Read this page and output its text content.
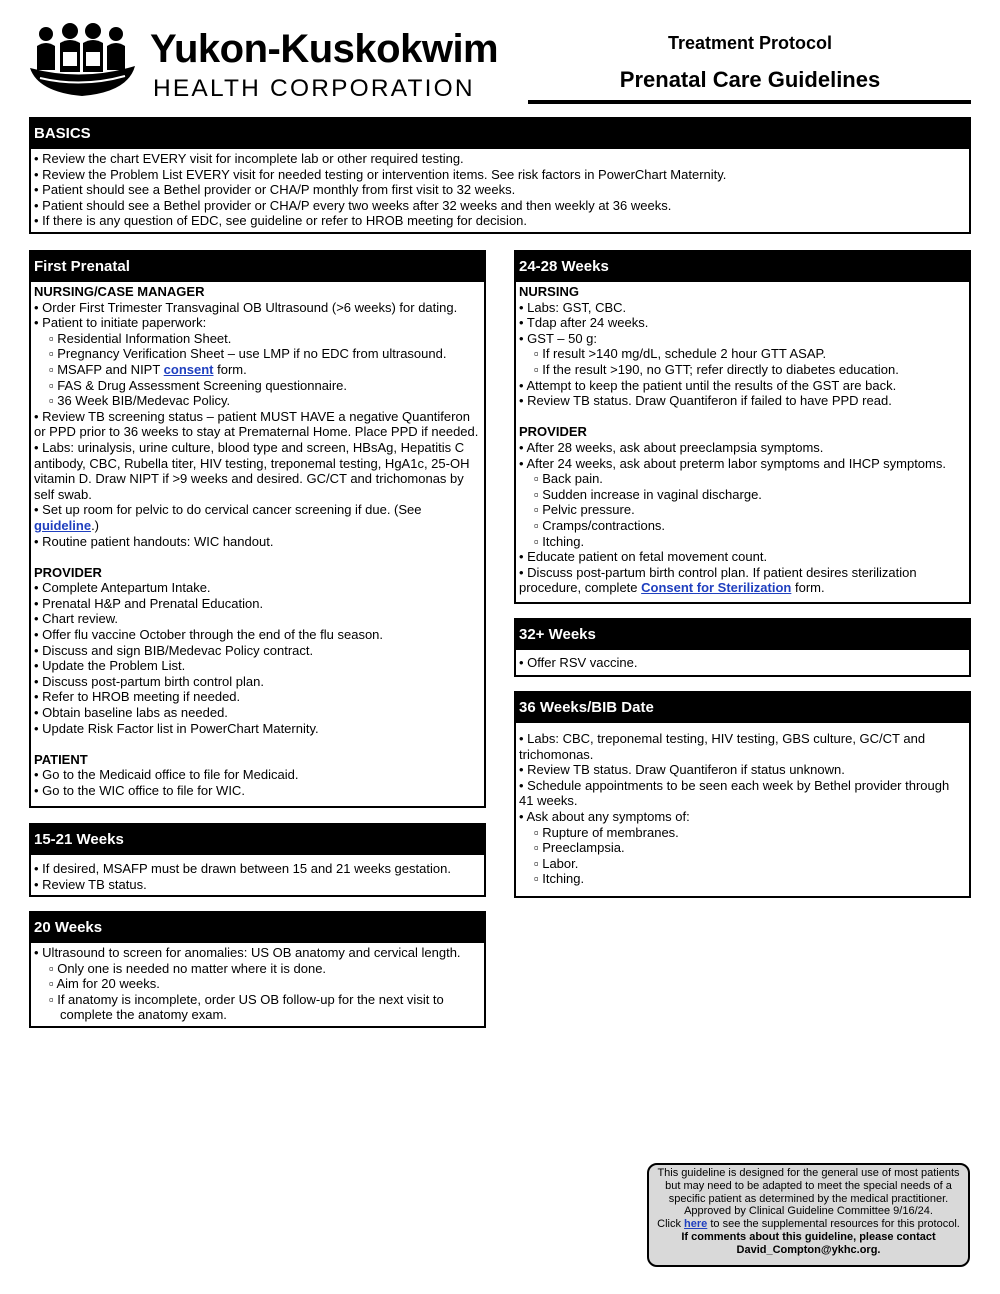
Yukon-Kuskokwim
HEALTH CORPORATION
Treatment Protocol
Prenatal Care Guidelines
BASICS
• Review the chart EVERY visit for incomplete lab or other required testing.
• Review the Problem List EVERY visit for needed testing or intervention items. See risk factors in PowerChart Maternity.
• Patient should see a Bethel provider or CHA/P monthly from first visit to 32 weeks.
• Patient should see a Bethel provider or CHA/P every two weeks after 32 weeks and then weekly at 36 weeks.
• If there is any question of EDC, see guideline or refer to HROB meeting for decision.
First Prenatal
NURSING/CASE MANAGER
• Order First Trimester Transvaginal OB Ultrasound (>6 weeks) for dating.
• Patient to initiate paperwork:
▫ Residential Information Sheet.
▫ Pregnancy Verification Sheet – use LMP if no EDC from ultrasound.
▫ MSAFP and NIPT consent form.
▫ FAS & Drug Assessment Screening questionnaire.
▫ 36 Week BIB/Medevac Policy.
• Review TB screening status – patient MUST HAVE a negative Quantiferon
or PPD prior to 36 weeks to stay at Prematernal Home. Place PPD if needed.
• Labs: urinalysis, urine culture, blood type and screen, HBsAg, Hepatitis C
antibody, CBC, Rubella titer, HIV testing, treponemal testing, HgA1c, 25-OH
vitamin D. Draw NIPT if >9 weeks and desired. GC/CT and trichomonas by
self swab.
• Set up room for pelvic to do cervical cancer screening if due. (See
guideline.)
• Routine patient handouts: WIC handout.
PROVIDER
• Complete Antepartum Intake.
• Prenatal H&P and Prenatal Education.
• Chart review.
• Offer flu vaccine October through the end of the flu season.
• Discuss and sign BIB/Medevac Policy contract.
• Update the Problem List.
• Discuss post-partum birth control plan.
• Refer to HROB meeting if needed.
• Obtain baseline labs as needed.
• Update Risk Factor list in PowerChart Maternity.
PATIENT
• Go to the Medicaid office to file for Medicaid.
• Go to the WIC office to file for WIC.
15-21 Weeks
• If desired, MSAFP must be drawn between 15 and 21 weeks gestation.
• Review TB status.
20 Weeks
• Ultrasound to screen for anomalies: US OB anatomy and cervical length.
▫ Only one is needed no matter where it is done.
▫ Aim for 20 weeks.
▫ If anatomy is incomplete, order US OB follow-up for the next visit to
complete the anatomy exam.
24-28 Weeks
NURSING
• Labs: GST, CBC.
• Tdap after 24 weeks.
• GST – 50 g:
▫ If result >140 mg/dL, schedule 2 hour GTT ASAP.
▫ If the result >190, no GTT; refer directly to diabetes education.
• Attempt to keep the patient until the results of the GST are back.
• Review TB status. Draw Quantiferon if failed to have PPD read.
PROVIDER
• After 28 weeks, ask about preeclampsia symptoms.
• After 24 weeks, ask about preterm labor symptoms and IHCP symptoms.
▫ Back pain.
▫ Sudden increase in vaginal discharge.
▫ Pelvic pressure.
▫ Cramps/contractions.
▫ Itching.
• Educate patient on fetal movement count.
• Discuss post-partum birth control plan. If patient desires sterilization
procedure, complete Consent for Sterilization form.
32+ Weeks
• Offer RSV vaccine.
36 Weeks/BIB Date
• Labs: CBC, treponemal testing, HIV testing, GBS culture, GC/CT and
trichomonas.
• Review TB status. Draw Quantiferon if status unknown.
• Schedule appointments to be seen each week by Bethel provider through
41 weeks.
• Ask about any symptoms of:
▫ Rupture of membranes.
▫ Preeclampsia.
▫ Labor.
▫ Itching.
This guideline is designed for the general use of most patients
but may need to be adapted to meet the special needs of a
specific patient as determined by the medical practitioner.
Approved by Clinical Guideline Committee 9/16/24.
Click here to see the supplemental resources for this protocol.
If comments about this guideline, please contact
David_Compton@ykhc.org.
